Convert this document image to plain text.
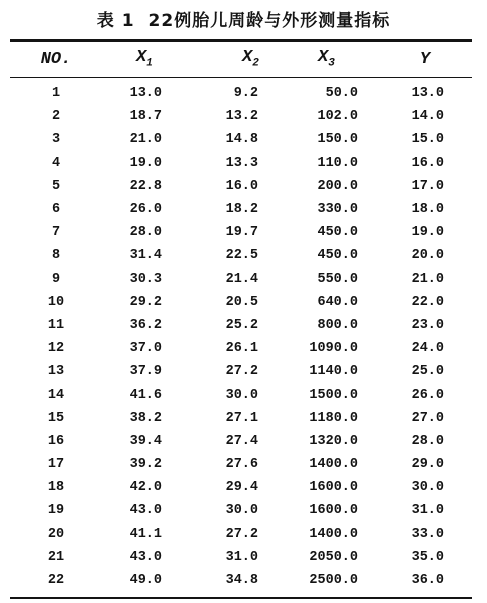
表 1 22例胎儿周龄与外形测量指标
NO.	$X_1$	$X_2$	$X_3$	Y
1	13.0	9.2	50.0	13.0
2	18.7	13.2	102.0	14.0
3	21.0	14.8	150.0	15.0
4	19.0	13.3	110.0	16.0
5	22.8	16.0	200.0	17.0
6	26.0	18.2	330.0	18.0
7	28.0	19.7	450.0	19.0
8	31.4	22.5	450.0	20.0
9	30.3	21.4	550.0	21.0
10	29.2	20.5	640.0	22.0
11	36.2	25.2	800.0	23.0
12	37.0	26.1	1090.0	24.0
13	37.9	27.2	1140.0	25.0
14	41.6	30.0	1500.0	26.0
15	38.2	27.1	1180.0	27.0
16	39.4	27.4	1320.0	28.0
17	39.2	27.6	1400.0	29.0
18	42.0	29.4	1600.0	30.0
19	43.0	30.0	1600.0	31.0
20	41.1	27.2	1400.0	33.0
21	43.0	31.0	2050.0	35.0
22	49.0	34.8	2500.0	36.0
